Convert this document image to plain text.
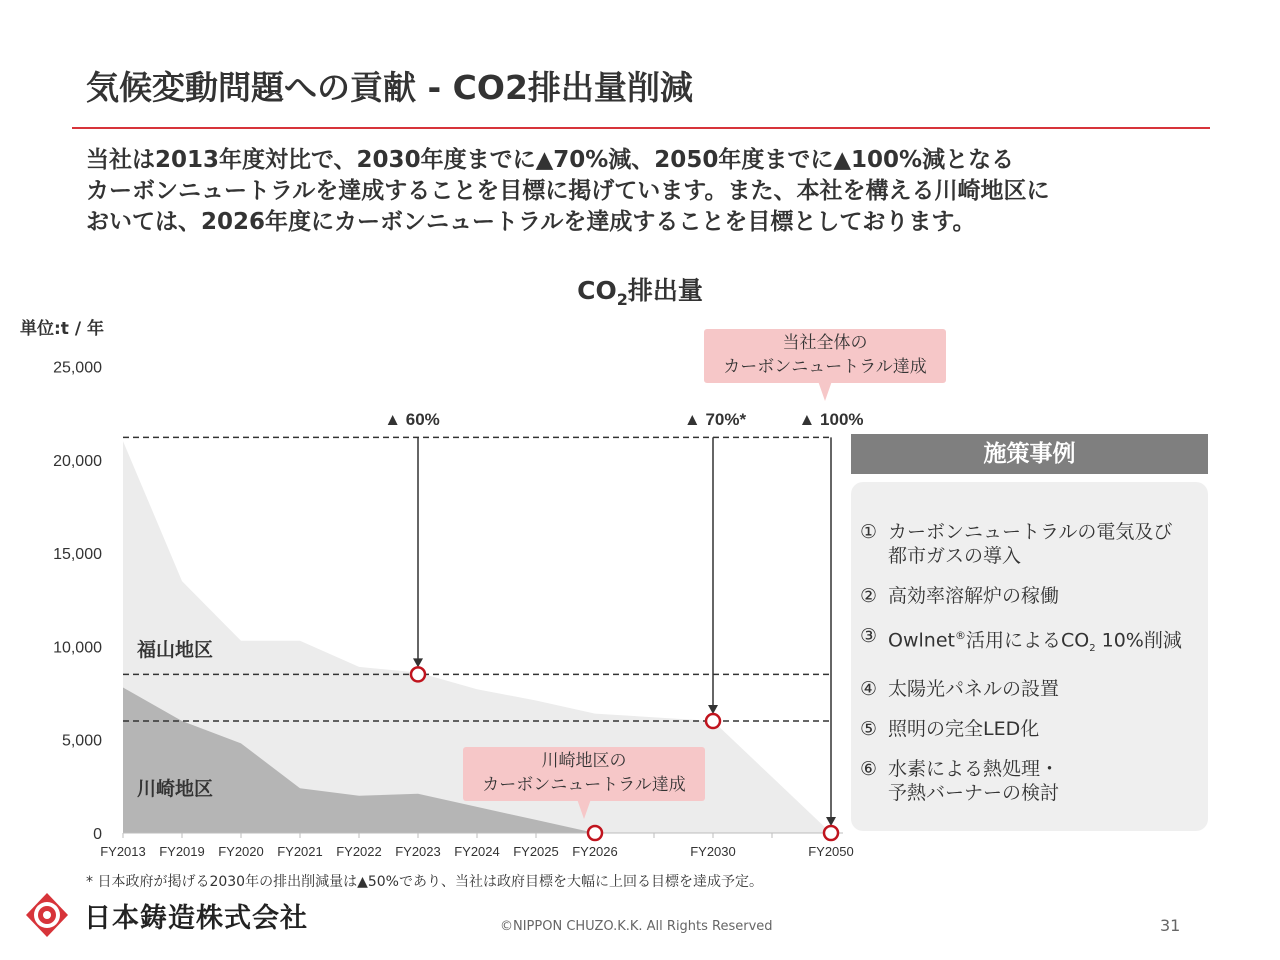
気候変動問題への貢献 - CO2排出量削減
当社は2013年度対比で、2030年度までに▲70%減、2050年度までに▲100%減となる
カーボンニュートラルを達成することを目標に掲げています。また、本社を構える川崎地区に
おいては、2026年度にカーボンニュートラルを達成することを目標としております。
$CO_2$排出量
単位:t / 年
福山地区
川崎地区
FY2013 FY2019 FY2020 FY2021 FY2022 FY2023 FY2024 FY2025 FY2026	FY2030	FY2050
0
5,000
10,000
15,000
20,000
25,000
▲ 60%	▲ 70%*	▲ 100%
当社全体の
カーボンニュートラル達成
川崎地区の
カーボンニュートラル達成
施策事例
① カーボンニュートラルの電気及び
都市ガスの導入
② 高効率溶解炉の稼働
③ Owlnet®活用による$CO_2$ 10%削減
④ 太陽光パネルの設置
⑤ 照明の完全LED化
⑥ 水素による熱処理・
予熱バーナーの検討
* 日本政府が掲げる2030年の排出削減量は▲50%であり、当社は政府目標を大幅に上回る目標を達成予定。
日本鋳造株式会社	©NIPPON CHUZO.K.K. All Rights Reserved	31
